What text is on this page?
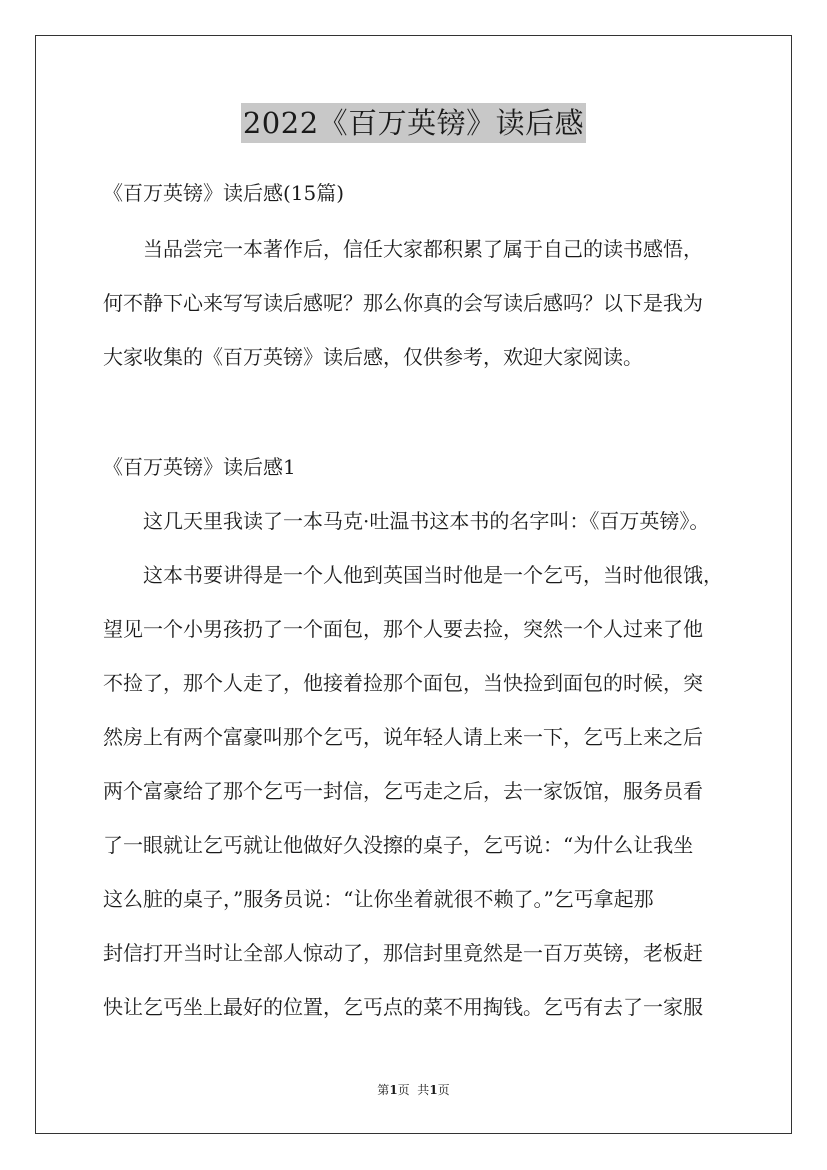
2022《百万英镑》读后感
《百万英镑》读后感(15篇)
当品尝完一本著作后，信任大家都积累了属于自己的读书感悟，
何不静下心来写写读后感呢？那么你真的会写读后感吗？以下是我为
大家收集的《百万英镑》读后感，仅供参考，欢迎大家阅读。
《百万英镑》读后感1
这几天里我读了一本马克·吐温书这本书的名字叫：《百万英镑》。
这本书要讲得是一个人他到英国当时他是一个乞丐，当时他很饿，
望见一个小男孩扔了一个面包，那个人要去捡，突然一个人过来了他
不捡了，那个人走了，他接着捡那个面包，当快捡到面包的时候，突
然房上有两个富豪叫那个乞丐，说年轻人请上来一下，乞丐上来之后
两个富豪给了那个乞丐一封信，乞丐走之后，去一家饭馆，服务员看
了一眼就让乞丐就让他做好久没擦的桌子，乞丐说：“为什么让我坐
这么脏的桌子，”服务员说：“让你坐着就很不赖了。”乞丐拿起那
封信打开当时让全部人惊动了，那信封里竟然是一百万英镑，老板赶
快让乞丐坐上最好的位置，乞丐点的菜不用掏钱。乞丐有去了一家服
第1页  共1页
